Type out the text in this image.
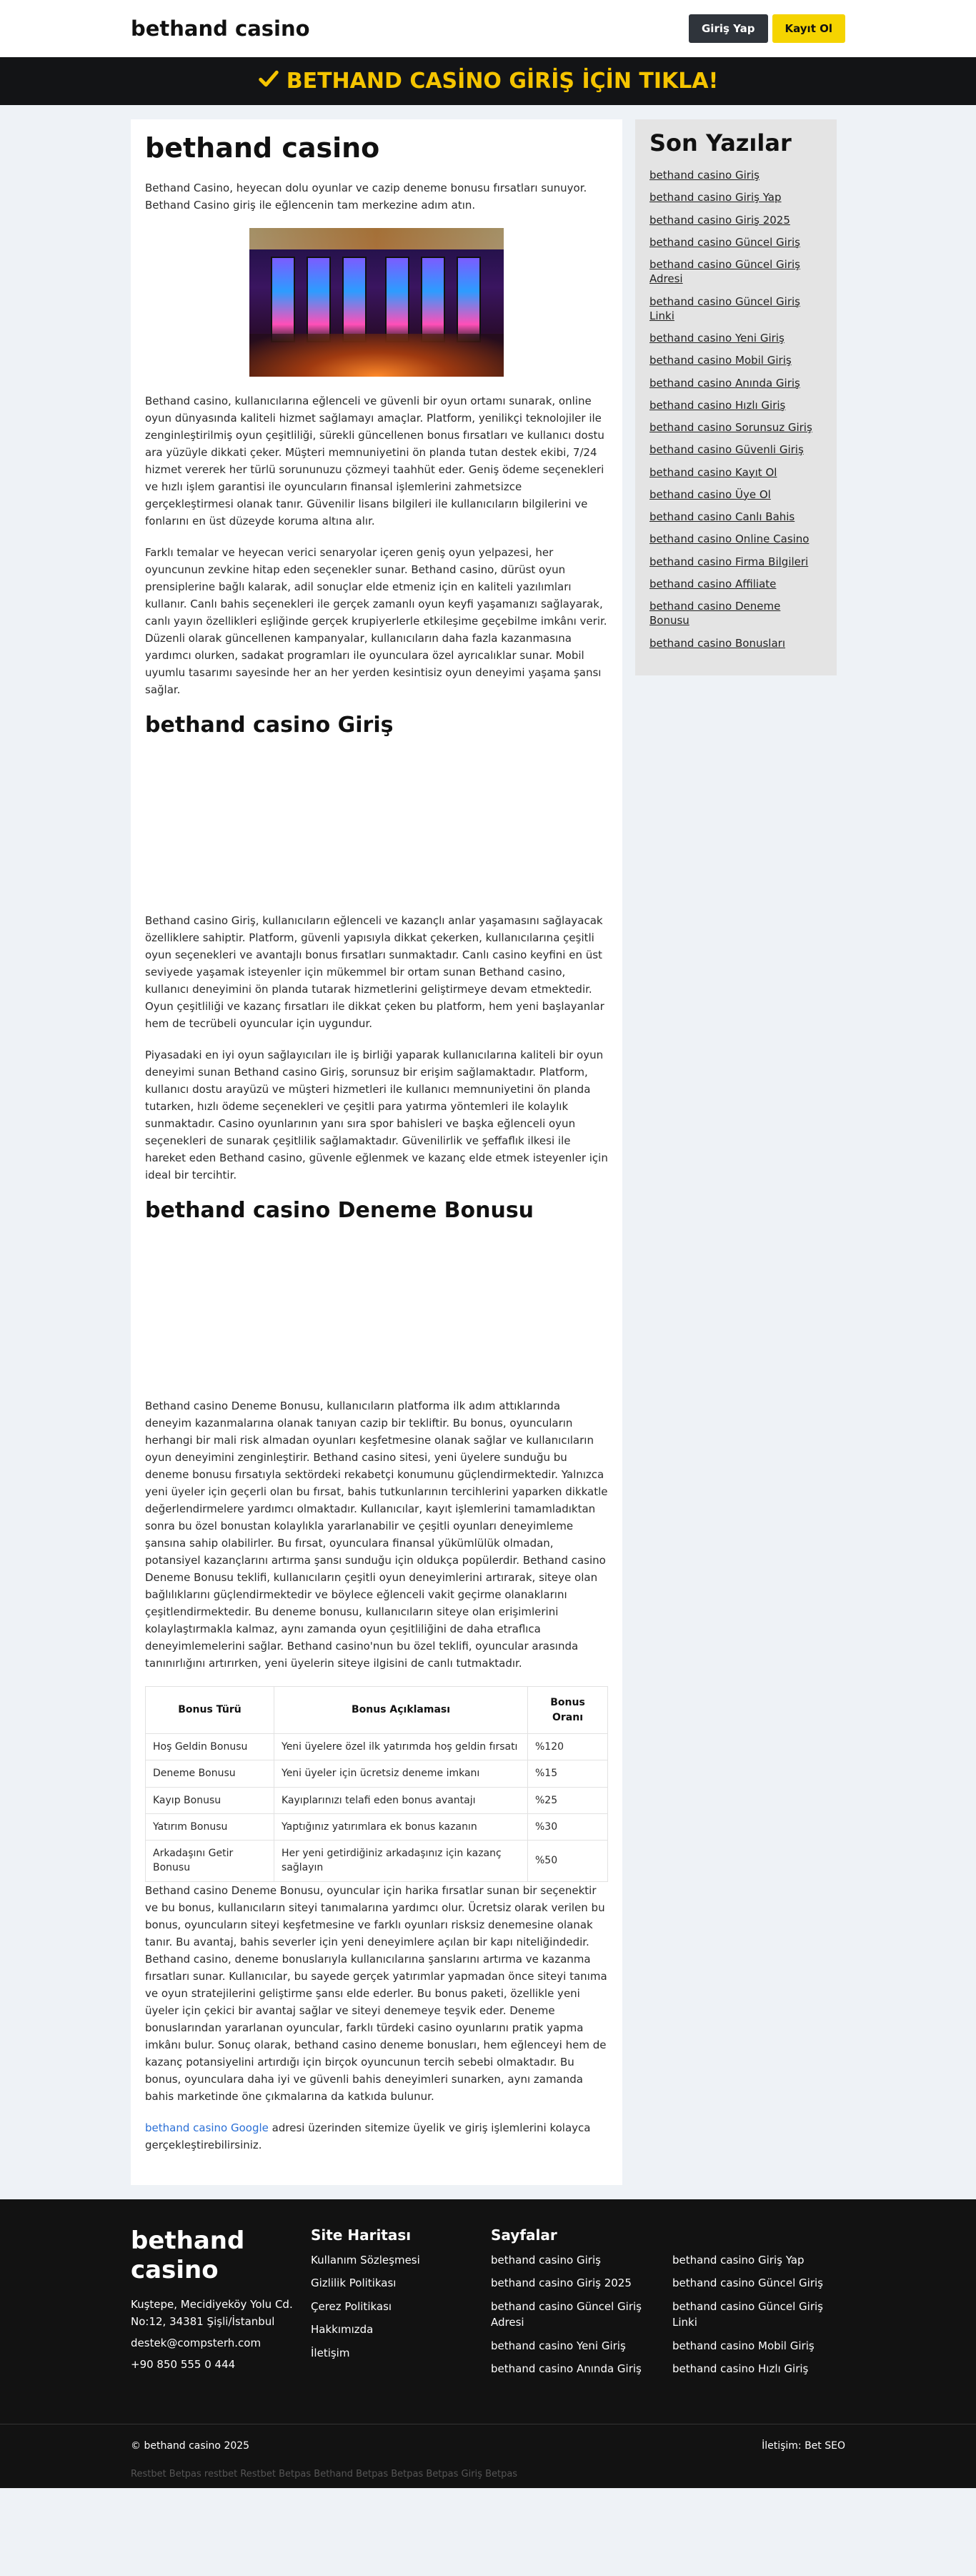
bethand casino	Giriş Yap	Kayıt Ol
BETHAND CASİNO GİRİŞ İÇİN TIKLA!
bethand casino

Bethand Casino, heyecan dolu oyunlar ve cazip deneme bonusu fırsatları sunuyor. Bethand Casino giriş ile eğlencenin tam merkezine adım atın.

Bethand casino, kullanıcılarına eğlenceli ve güvenli bir oyun ortamı sunarak, online oyun dünyasında kaliteli hizmet sağlamayı amaçlar. Platform, yenilikçi teknolojiler ile zenginleştirilmiş oyun çeşitliliği, sürekli güncellenen bonus fırsatları ve kullanıcı dostu ara yüzüyle dikkati çeker. Müşteri memnuniyetini ön planda tutan destek ekibi, 7/24 hizmet vererek her türlü sorununuzu çözmeyi taahhüt eder. Geniş ödeme seçenekleri ve hızlı işlem garantisi ile oyuncuların finansal işlemlerini zahmetsizce gerçekleştirmesi olanak tanır. Güvenilir lisans bilgileri ile kullanıcıların bilgilerini ve fonlarını en üst düzeyde koruma altına alır.

Farklı temalar ve heyecan verici senaryolar içeren geniş oyun yelpazesi, her oyuncunun zevkine hitap eden seçenekler sunar. Bethand casino, dürüst oyun prensiplerine bağlı kalarak, adil sonuçlar elde etmeniz için en kaliteli yazılımları kullanır. Canlı bahis seçenekleri ile gerçek zamanlı oyun keyfi yaşamanızı sağlayarak, canlı yayın özellikleri eşliğinde gerçek krupiyerlerle etkileşime geçebilme imkânı verir. Düzenli olarak güncellenen kampanyalar, kullanıcıların daha fazla kazanmasına yardımcı olurken, sadakat programları ile oyunculara özel ayrıcalıklar sunar. Mobil uyumlu tasarımı sayesinde her an her yerden kesintisiz oyun deneyimi yaşama şansı sağlar.

bethand casino Giriş

Bethand casino Giriş, kullanıcıların eğlenceli ve kazançlı anlar yaşamasını sağlayacak özelliklere sahiptir. Platform, güvenli yapısıyla dikkat çekerken, kullanıcılarına çeşitli oyun seçenekleri ve avantajlı bonus fırsatları sunmaktadır. Canlı casino keyfini en üst seviyede yaşamak isteyenler için mükemmel bir ortam sunan Bethand casino, kullanıcı deneyimini ön planda tutarak hizmetlerini geliştirmeye devam etmektedir. Oyun çeşitliliği ve kazanç fırsatları ile dikkat çeken bu platform, hem yeni başlayanlar hem de tecrübeli oyuncular için uygundur.

Piyasadaki en iyi oyun sağlayıcıları ile iş birliği yaparak kullanıcılarına kaliteli bir oyun deneyimi sunan Bethand casino Giriş, sorunsuz bir erişim sağlamaktadır. Platform, kullanıcı dostu arayüzü ve müşteri hizmetleri ile kullanıcı memnuniyetini ön planda tutarken, hızlı ödeme seçenekleri ve çeşitli para yatırma yöntemleri ile kolaylık sunmaktadır. Casino oyunlarının yanı sıra spor bahisleri ve başka eğlenceli oyun seçenekleri de sunarak çeşitlilik sağlamaktadır. Güvenilirlik ve şeffaflık ilkesi ile hareket eden Bethand casino, güvenle eğlenmek ve kazanç elde etmek isteyenler için ideal bir tercihtir.

bethand casino Deneme Bonusu

Bethand casino Deneme Bonusu, kullanıcıların platforma ilk adım attıklarında deneyim kazanmalarına olanak tanıyan cazip bir tekliftir. Bu bonus, oyuncuların herhangi bir mali risk almadan oyunları keşfetmesine olanak sağlar ve kullanıcıların oyun deneyimini zenginleştirir. Bethand casino sitesi, yeni üyelere sunduğu bu deneme bonusu fırsatıyla sektördeki rekabetçi konumunu güçlendirmektedir. Yalnızca yeni üyeler için geçerli olan bu fırsat, bahis tutkunlarının tercihlerini yaparken dikkatle değerlendirmelere yardımcı olmaktadır. Kullanıcılar, kayıt işlemlerini tamamladıktan sonra bu özel bonustan kolaylıkla yararlanabilir ve çeşitli oyunları deneyimleme şansına sahip olabilirler. Bu fırsat, oyunculara finansal yükümlülük olmadan, potansiyel kazançlarını artırma şansı sunduğu için oldukça popülerdir. Bethand casino Deneme Bonusu teklifi, kullanıcıların çeşitli oyun deneyimlerini artırarak, siteye olan bağlılıklarını güçlendirmektedir ve böylece eğlenceli vakit geçirme olanaklarını çeşitlendirmektedir. Bu deneme bonusu, kullanıcıların siteye olan erişimlerini kolaylaştırmakla kalmaz, aynı zamanda oyun çeşitliliğini de daha etraflıca deneyimlemelerini sağlar. Bethand casino'nun bu özel teklifi, oyuncular arasında tanınırlığını artırırken, yeni üyelerin siteye ilgisini de canlı tutmaktadır.

Bonus Türü	Bonus Açıklaması	Bonus Oranı
Hoş Geldin Bonusu	Yeni üyelere özel ilk yatırımda hoş geldin fırsatı	%120
Deneme Bonusu	Yeni üyeler için ücretsiz deneme imkanı	%15
Kayıp Bonusu	Kayıplarınızı telafi eden bonus avantajı	%25
Yatırım Bonusu	Yaptığınız yatırımlara ek bonus kazanın	%30
Arkadaşını Getir Bonusu	Her yeni getirdiğiniz arkadaşınız için kazanç sağlayın	%50

Bethand casino Deneme Bonusu, oyuncular için harika fırsatlar sunan bir seçenektir ve bu bonus, kullanıcıların siteyi tanımalarına yardımcı olur. Ücretsiz olarak verilen bu bonus, oyuncuların siteyi keşfetmesine ve farklı oyunları risksiz denemesine olanak tanır. Bu avantaj, bahis severler için yeni deneyimlere açılan bir kapı niteliğindedir. Bethand casino, deneme bonuslarıyla kullanıcılarına şanslarını artırma ve kazanma fırsatları sunar. Kullanıcılar, bu sayede gerçek yatırımlar yapmadan önce siteyi tanıma ve oyun stratejilerini geliştirme şansı elde ederler. Bu bonus paketi, özellikle yeni üyeler için çekici bir avantaj sağlar ve siteyi denemeye teşvik eder. Deneme bonuslarından yararlanan oyuncular, farklı türdeki casino oyunlarını pratik yapma imkânı bulur. Sonuç olarak, bethand casino deneme bonusları, hem eğlenceyi hem de kazanç potansiyelini artırdığı için birçok oyuncunun tercih sebebi olmaktadır. Bu bonus, oyunculara daha iyi ve güvenli bahis deneyimleri sunarken, aynı zamanda bahis marketinde öne çıkmalarına da katkıda bulunur.

bethand casino Google adresi üzerinden sitemize üyelik ve giriş işlemlerini kolayca gerçekleştirebilirsiniz.

Son Yazılar
bethand casino Giriş
bethand casino Giriş Yap
bethand casino Giriş 2025
bethand casino Güncel Giriş
bethand casino Güncel Giriş Adresi
bethand casino Güncel Giriş Linki
bethand casino Yeni Giriş
bethand casino Mobil Giriş
bethand casino Anında Giriş
bethand casino Hızlı Giriş
bethand casino Sorunsuz Giriş
bethand casino Güvenli Giriş
bethand casino Kayıt Ol
bethand casino Üye Ol
bethand casino Canlı Bahis
bethand casino Online Casino
bethand casino Firma Bilgileri
bethand casino Affiliate
bethand casino Deneme Bonusu
bethand casino Bonusları
bethand casino
Kuştepe, Mecidiyeköy Yolu Cd. No:12, 34381 Şişli/İstanbul
destek@compsterh.com
+90 850 555 0 444
Site Haritası
Kullanım Sözleşmesi
Gizlilik Politikası
Çerez Politikası
Hakkımızda
İletişim
Sayfalar
bethand casino Giriş	bethand casino Giriş Yap
bethand casino Giriş 2025	bethand casino Güncel Giriş
bethand casino Güncel Giriş Adresi
bethand casino Güncel Giriş Linki
bethand casino Yeni Giriş	bethand casino Mobil Giriş
bethand casino Anında Giriş	bethand casino Hızlı Giriş
© bethand casino 2025	İletişim: Bet SEO
Restbet Betpas restbet Restbet Betpas Bethand Betpas Betpas Betpas Giriş Betpas
